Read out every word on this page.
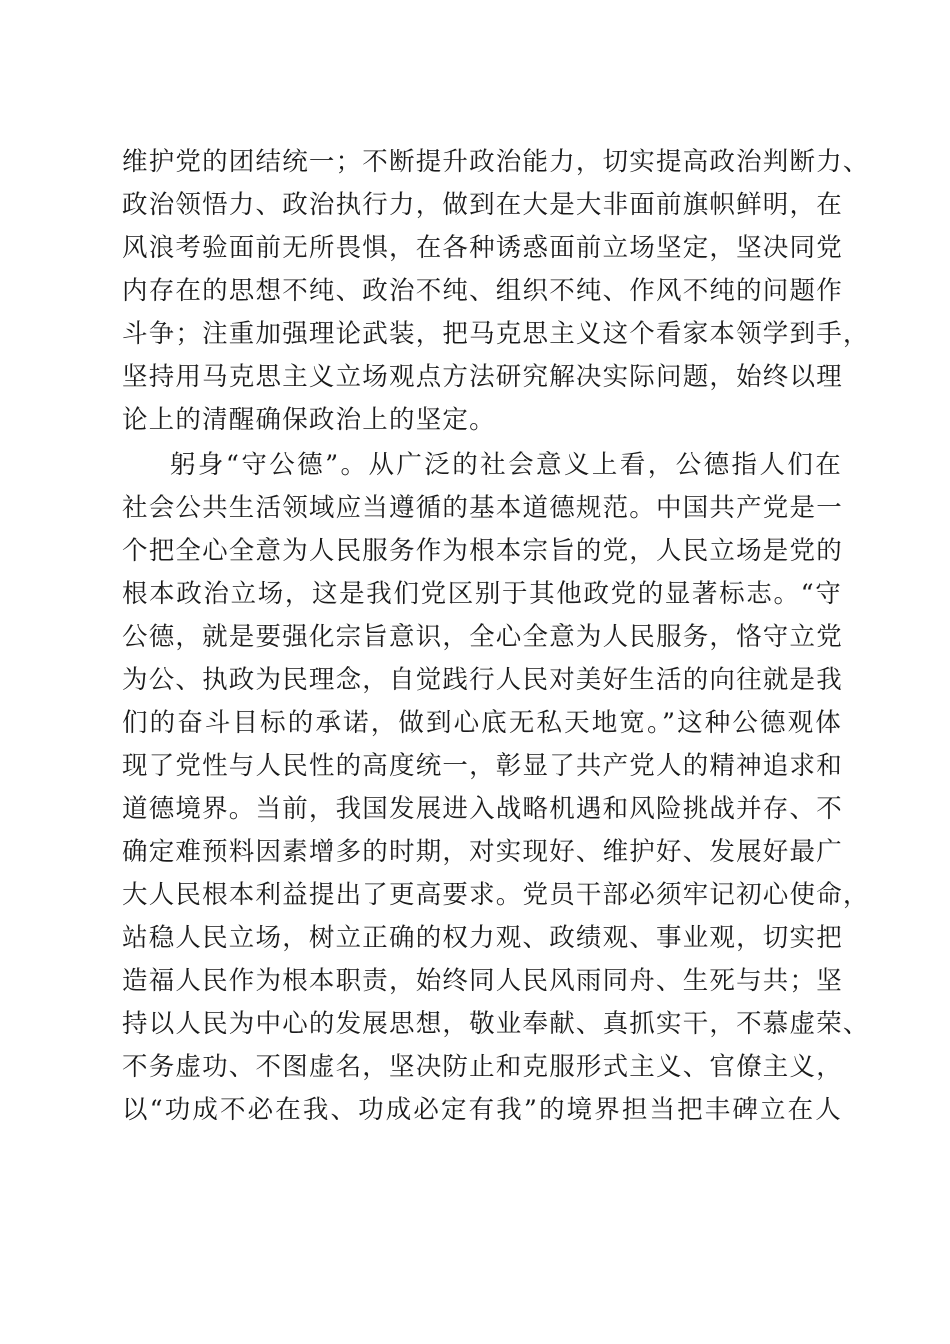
维护党的团结统一；不断提升政治能力，切实提高政治判断力、
政治领悟力、政治执行力，做到在大是大非面前旗帜鲜明，在
风浪考验面前无所畏惧，在各种诱惑面前立场坚定，坚决同党
内存在的思想不纯、政治不纯、组织不纯、作风不纯的问题作
斗争；注重加强理论武装，把马克思主义这个看家本领学到手，
坚持用马克思主义立场观点方法研究解决实际问题，始终以理
论上的清醒确保政治上的坚定。
躬身“守公德”。从广泛的社会意义上看，公德指人们在
社会公共生活领域应当遵循的基本道德规范。中国共产党是一
个把全心全意为人民服务作为根本宗旨的党，人民立场是党的
根本政治立场，这是我们党区别于其他政党的显著标志。“守
公德，就是要强化宗旨意识，全心全意为人民服务，恪守立党
为公、执政为民理念，自觉践行人民对美好生活的向往就是我
们的奋斗目标的承诺，做到心底无私天地宽。”这种公德观体
现了党性与人民性的高度统一，彰显了共产党人的精神追求和
道德境界。当前，我国发展进入战略机遇和风险挑战并存、不
确定难预料因素增多的时期，对实现好、维护好、发展好最广
大人民根本利益提出了更高要求。党员干部必须牢记初心使命，
站稳人民立场，树立正确的权力观、政绩观、事业观，切实把
造福人民作为根本职责，始终同人民风雨同舟、生死与共；坚
持以人民为中心的发展思想，敬业奉献、真抓实干，不慕虚荣、
不务虚功、不图虚名，坚决防止和克服形式主义、官僚主义，
以“功成不必在我、功成必定有我”的境界担当把丰碑立在人
